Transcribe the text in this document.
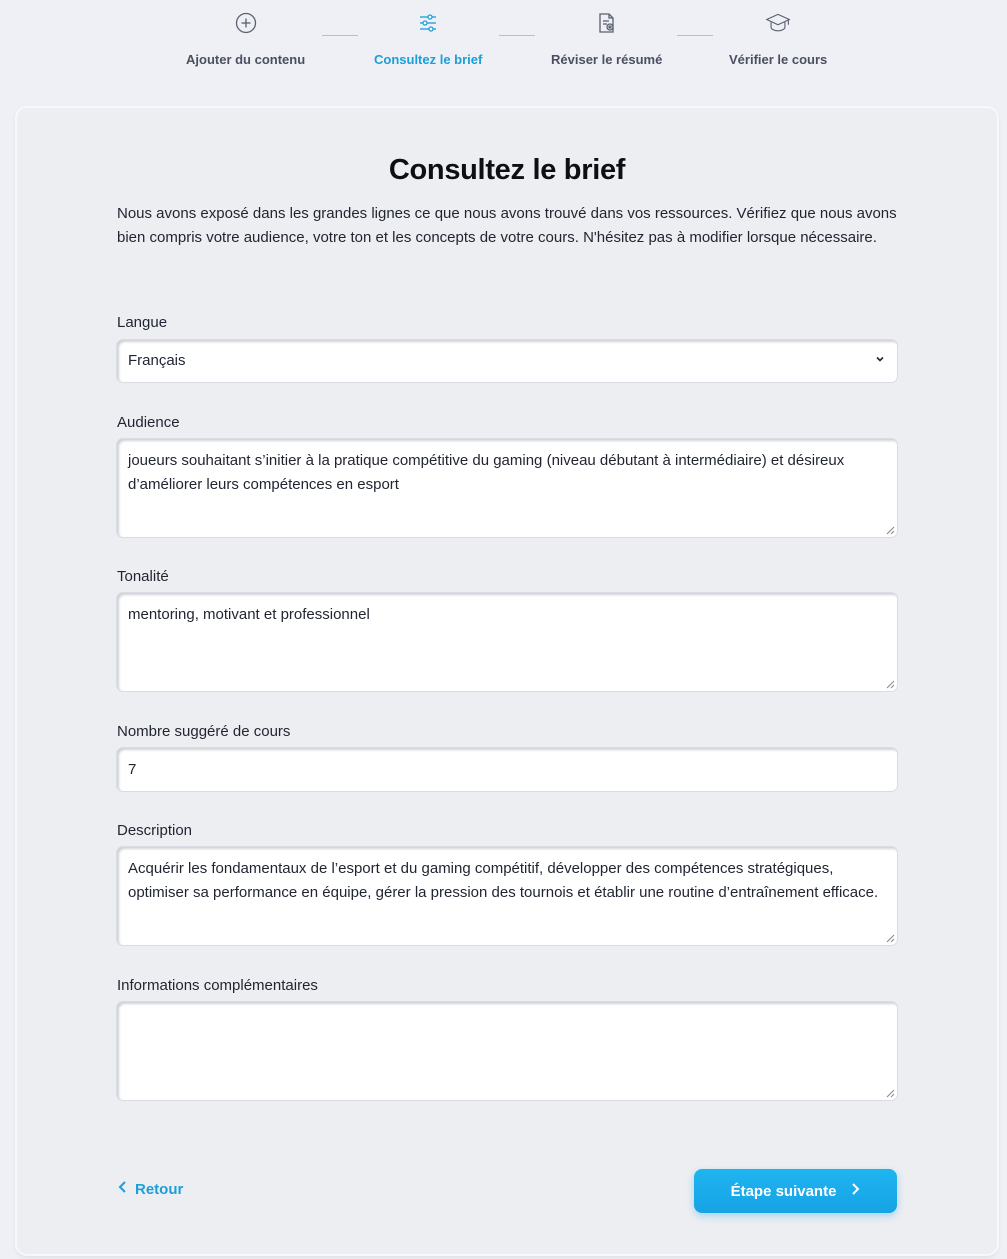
Ajouter du contenu	Consultez le brief	Réviser le résumé	Vérifier le cours
Consultez le brief

Nous avons exposé dans les grandes lignes ce que nous avons trouvé dans vos ressources. Vérifiez que nous avons bien compris votre audience, votre ton et les concepts de votre cours. N'hésitez pas à modifier lorsque nécessaire.

Langue
Français
Audience
joueurs souhaitant s’initier à la pratique compétitive du gaming (niveau débutant à intermédiaire) et désireux d’améliorer leurs compétences en esport
Tonalité
mentoring, motivant et professionnel
Nombre suggéré de cours
7
Description
Acquérir les fondamentaux de l’esport et du gaming compétitif, développer des compétences stratégiques, optimiser sa performance en équipe, gérer la pression des tournois et établir une routine d’entraînement efficace.
Informations complémentaires
Retour	Étape suivante
